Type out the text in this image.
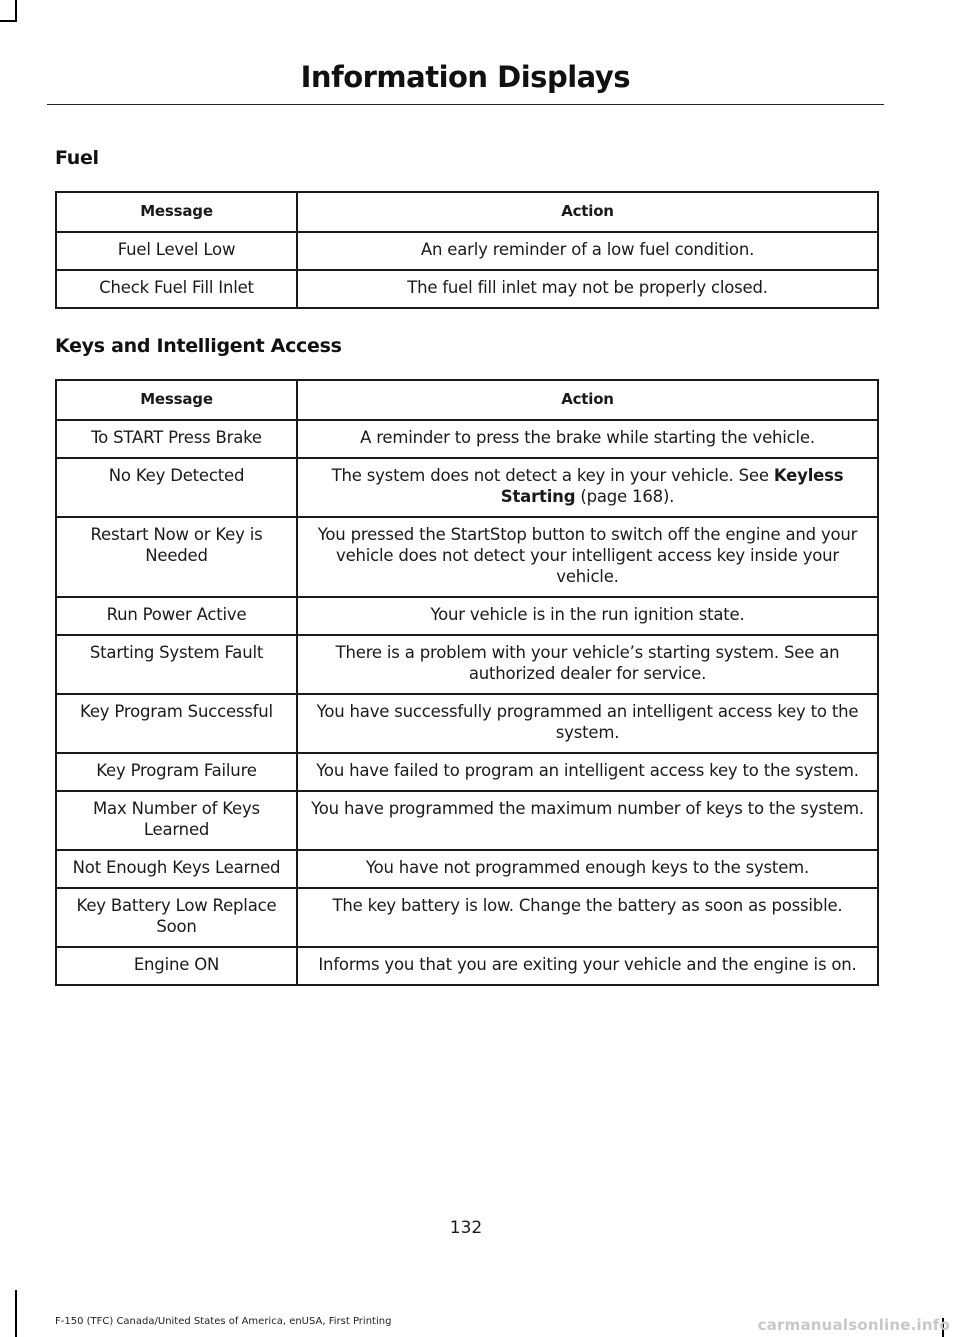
Information Displays
Fuel
Message	Action
Fuel Level Low	An early reminder of a low fuel condition.
Check Fuel Fill Inlet	The fuel fill inlet may not be properly closed.
Keys and Intelligent Access
Message	Action
To START Press Brake	A reminder to press the brake while starting the vehicle.
No Key Detected	The system does not detect a key in your vehicle. See Keyless Starting (page 168).
Restart Now or Key is Needed	You pressed the StartStop button to switch off the engine and your vehicle does not detect your intelligent access key inside your vehicle.
Run Power Active	Your vehicle is in the run ignition state.
Starting System Fault	There is a problem with your vehicle’s starting system. See an authorized dealer for service.
Key Program Successful	You have successfully programmed an intelligent access key to the system.
Key Program Failure	You have failed to program an intelligent access key to the system.
Max Number of Keys Learned	You have programmed the maximum number of keys to the system.
Not Enough Keys Learned	You have not programmed enough keys to the system.
Key Battery Low Replace Soon	The key battery is low. Change the battery as soon as possible.
Engine ON	Informs you that you are exiting your vehicle and the engine is on.
132
F-150 (TFC) Canada/United States of America, enUSA, First Printing	carmanualsonline.info
